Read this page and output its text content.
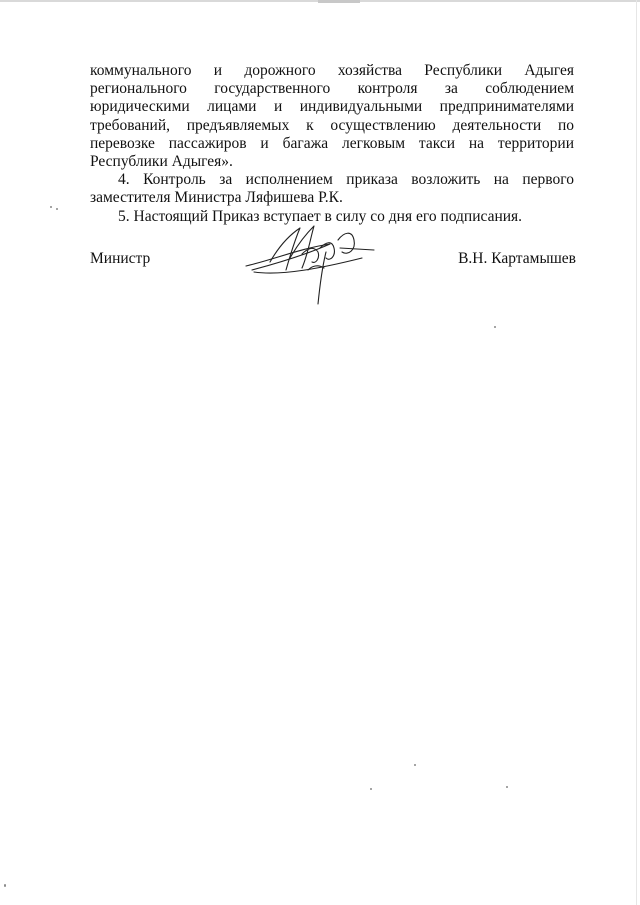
коммунального и дорожного хозяйства Республики Адыгея регионального государственного контроля за соблюдением юридическими лицами и индивидуальными предпринимателями требований, предъявляемых к осуществлению деятельности по перевозке пассажиров и багажа легковым такси на территории Республики Адыгея».

4. Контроль за исполнением приказа возложить на первого заместителя Министра Ляфишева Р.К.

5. Настоящий Приказ вступает в силу со дня его подписания.

Министр	В.Н. Картамышев
